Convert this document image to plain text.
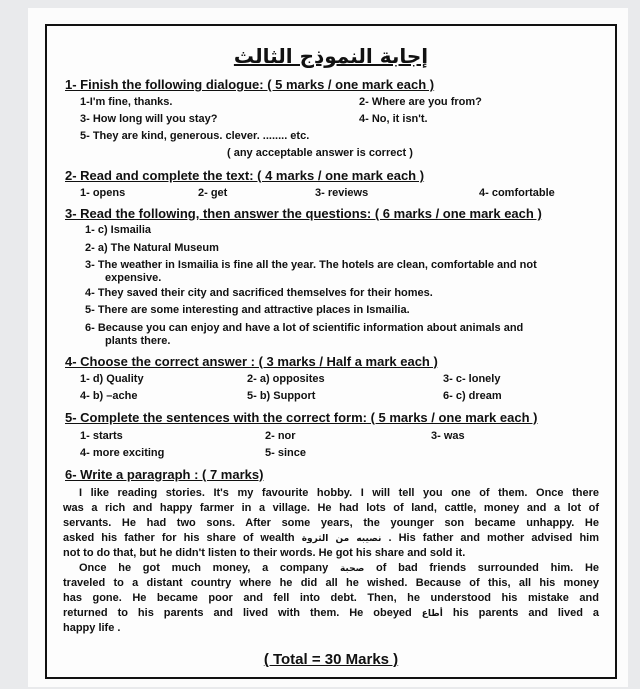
إجابة النموذج الثالث
1- Finish the following dialogue: ( 5 marks / one mark each )
1-I'm fine, thanks.	2- Where are you from?
3- How long will you stay?	4- No, it isn't.
5- They are kind, generous. clever. ........ etc.
( any acceptable answer is correct )
2- Read and complete the text: ( 4 marks / one mark each )
1- opens	2- get	3- reviews	4- comfortable
3- Read the following, then answer the questions: ( 6 marks / one mark each )
1- c) Ismailia
2- a) The Natural Museum
3- The weather in Ismailia is fine all the year. The hotels are clean, comfortable and not
expensive.
4- They saved their city and sacrificed themselves for their homes.
5- There are some interesting and attractive places in Ismailia.
6- Because you can enjoy and have a lot of scientific information about animals and
plants there.
4- Choose the correct answer : ( 3 marks / Half a mark each )
1- d) Quality	2- a) opposites	3- c- lonely
4- b) –ache	5- b) Support	6- c) dream
5- Complete the sentences with the correct form: ( 5 marks / one mark each )
1- starts	2- nor	3- was
4- more exciting	5- since
6- Write a paragraph : ( 7 marks)
I like reading stories. It's my favourite hobby. I will tell you one of them. Once there
was a rich and happy farmer in a village. He had lots of land, cattle, money and a lot of
servants. He had two sons. After some years, the younger son became unhappy. He
asked his father for his share of wealth نصيبه من الثروة . His father and mother advised him
not to do that, but he didn't listen to their words. He got his share and sold it.
Once he got much money, a company صحبة of bad friends surrounded him. He
traveled to a distant country where he did all he wished. Because of this, all his money
has gone. He became poor and fell into debt. Then, he understood his mistake and
returned to his parents and lived with them. He obeyed أطاع his parents and lived a
happy life .
( Total = 30 Marks )
